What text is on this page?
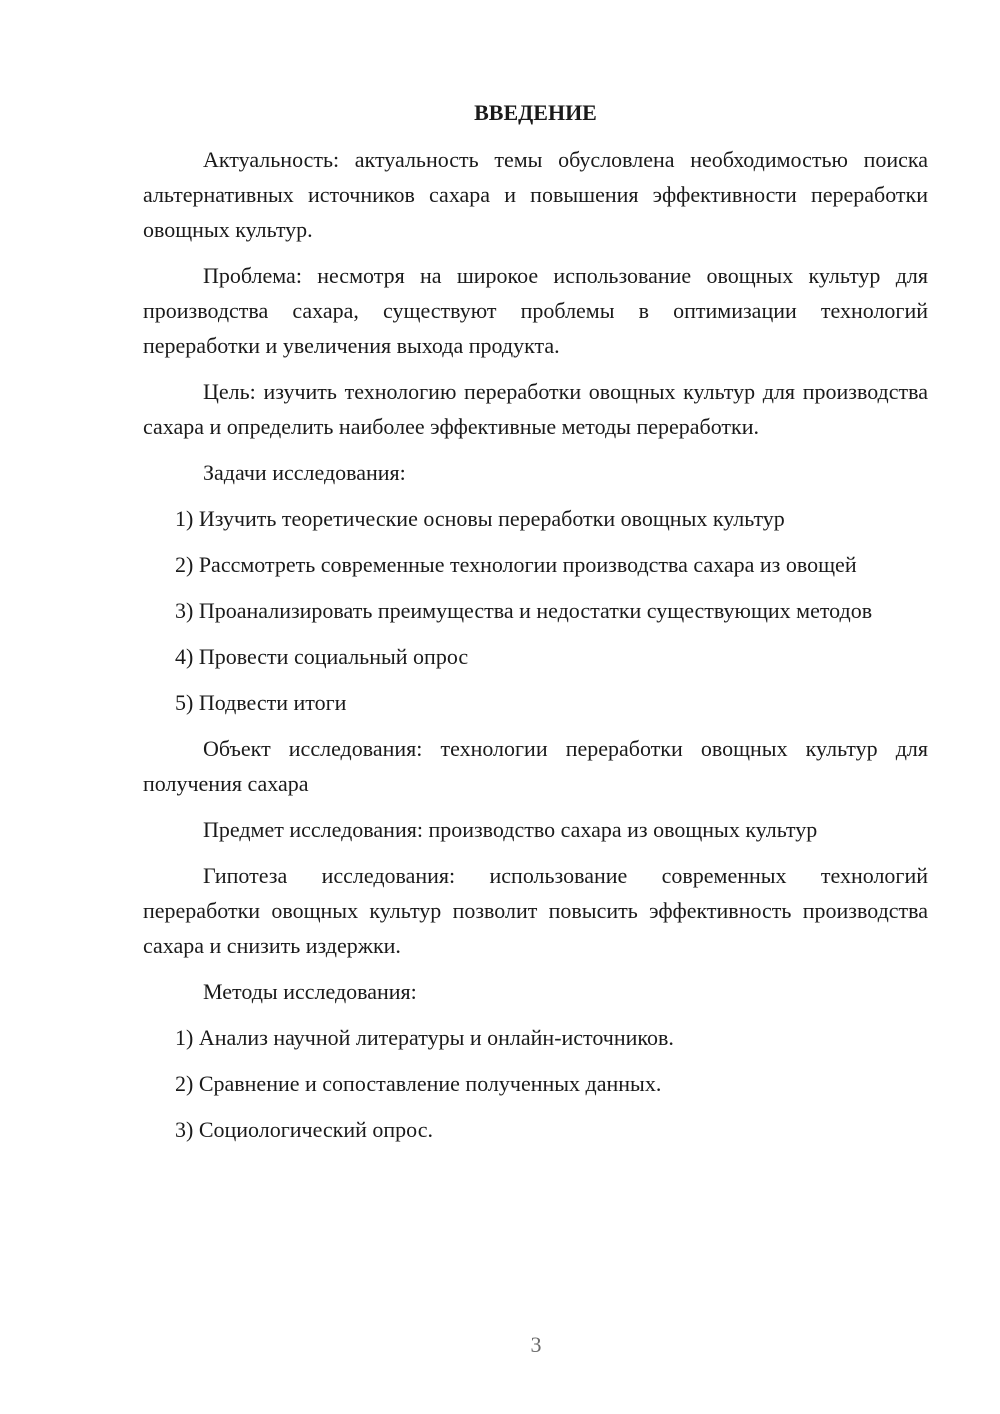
ВВЕДЕНИЕ

Актуальность: актуальность темы обусловлена необходимостью поиска альтернативных источников сахара и повышения эффективности переработки овощных культур.

Проблема: несмотря на широкое использование овощных культур для производства сахара, существуют проблемы в оптимизации технологий переработки и увеличения выхода продукта.

Цель: изучить технологию переработки овощных культур для производства сахара и определить наиболее эффективные методы переработки.

Задачи исследования:

1) Изучить теоретические основы переработки овощных культур

2) Рассмотреть современные технологии производства сахара из овощей

3) Проанализировать преимущества и недостатки существующих методов

4) Провести социальный опрос

5) Подвести итоги

Объект исследования: технологии переработки овощных культур для получения сахара

Предмет исследования: производство сахара из овощных культур

Гипотеза исследования: использование современных технологий переработки овощных культур позволит повысить эффективность производства сахара и снизить издержки.

Методы исследования:

1) Анализ научной литературы и онлайн-источников.

2) Сравнение и сопоставление полученных данных.

3) Социологический опрос.

3
